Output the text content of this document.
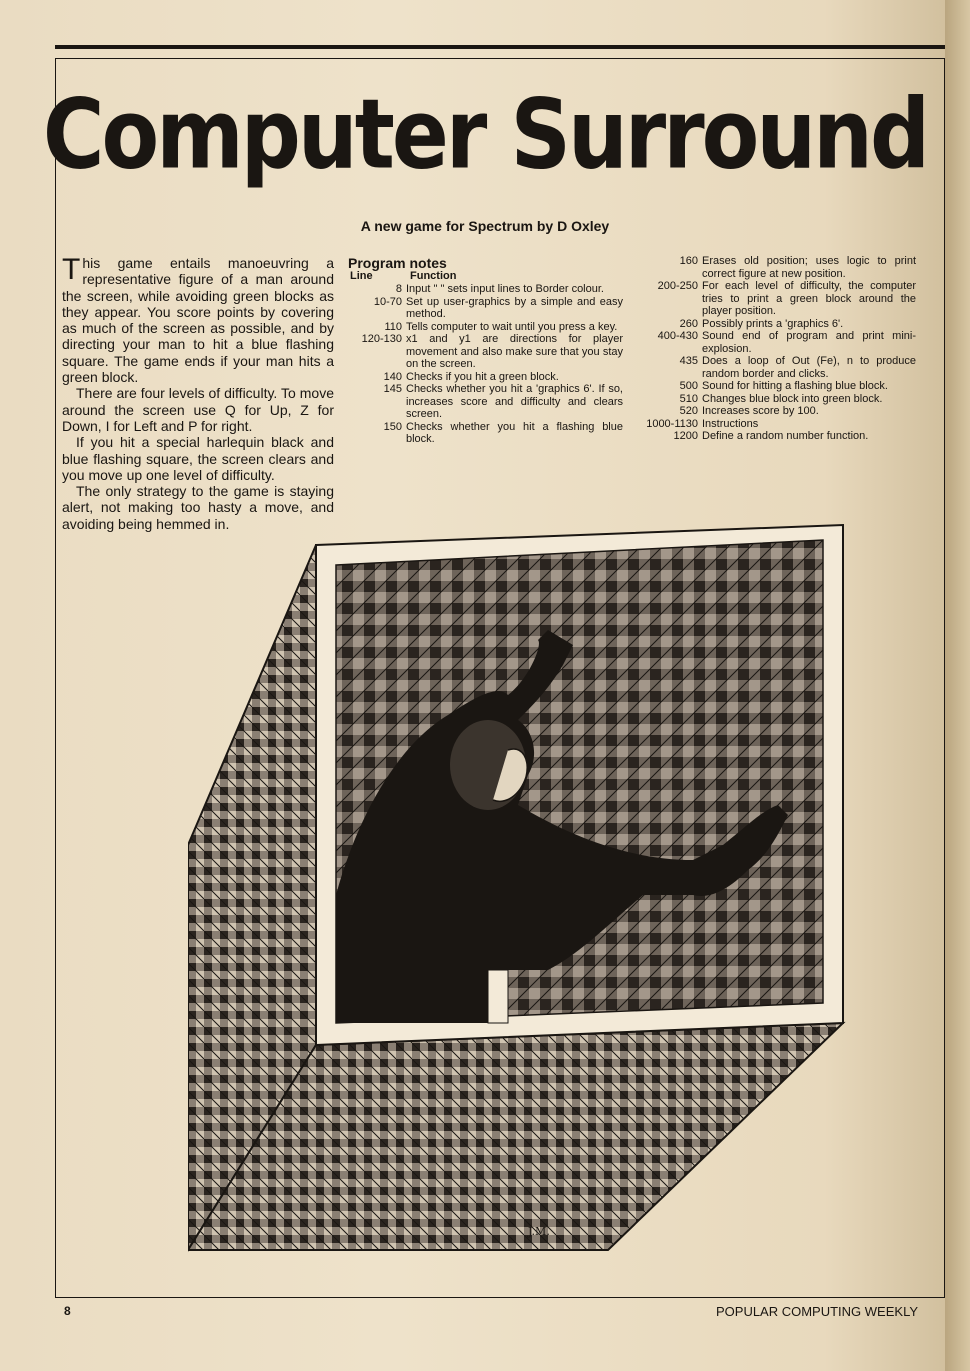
Computer Surround
A new game for Spectrum by D Oxley

This game entails manoeuvring a representative figure of a man around the screen, while avoiding green blocks as they appear. You score points by covering as much of the screen as possible, and by directing your man to hit a blue flashing square. The game ends if your man hits a green block.

There are four levels of difficulty. To move around the screen use Q for Up, Z for Down, I for Left and P for right.

If you hit a special harlequin black and blue flashing square, the screen clears and you move up one level of difficulty.

The only strategy to the game is staying alert, not making too hasty a move, and avoiding being hemmed in.

Program notes
Line	Function
8 Input " " sets input lines to Border colour.
10-70 Set up user-graphics by a simple and easy method.
110 Tells computer to wait until you press a key.
120-130 x1 and y1 are directions for player movement and also make sure that you stay on the screen.
140 Checks if you hit a green block.
145 Checks whether you hit a 'graphics 6'. If so, increases score and difficulty and clears screen.
150 Checks whether you hit a flashing blue block.
160 Erases old position; uses logic to print correct figure at new position.
200-250 For each level of difficulty, the computer tries to print a green block around the player position.
260 Possibly prints a 'graphics 6'.
400-430 Sound end of program and print mini-explosion.
435 Does a loop of Out (Fe), n to produce random border and clicks.
500 Sound for hitting a flashing blue block.
510 Changes blue block into green block.
520 Increases score by 100.
1000-1130 Instructions
1200 Define a random number function.
J.M.
8	POPULAR COMPUTING WEEKLY
